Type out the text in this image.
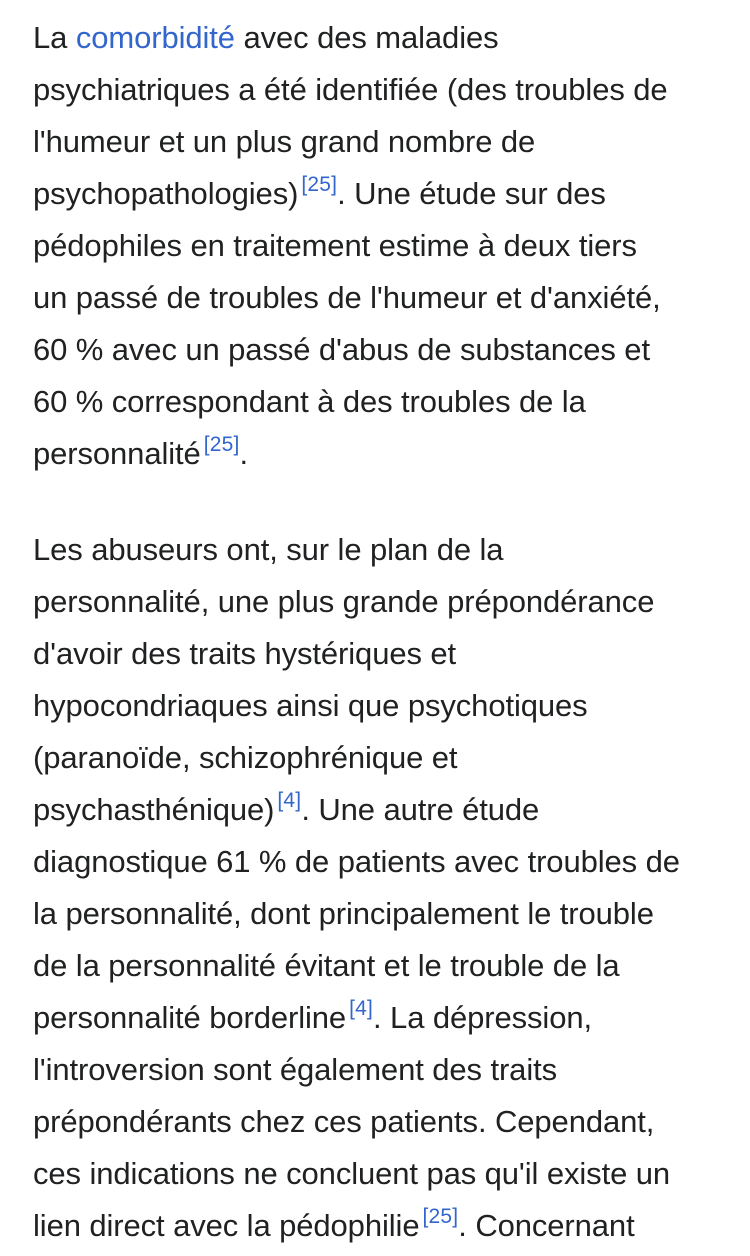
La comorbidité avec des maladies
psychiatriques a été identifiée (des troubles de
l'humeur et un plus grand nombre de
psychopathologies) [25]. Une étude sur des
pédophiles en traitement estime à deux tiers
un passé de troubles de l'humeur et d'anxiété,
60 % avec un passé d'abus de substances et
60 % correspondant à des troubles de la
personnalité [25].

Les abuseurs ont, sur le plan de la
personnalité, une plus grande prépondérance
d'avoir des traits hystériques et
hypocondriaques ainsi que psychotiques
(paranoïde, schizophrénique et
psychasthénique) [4]. Une autre étude
diagnostique 61 % de patients avec troubles de
la personnalité, dont principalement le trouble
de la personnalité évitant et le trouble de la
personnalité borderline [4]. La dépression,
l'introversion sont également des traits
prépondérants chez ces patients. Cependant,
ces indications ne concluent pas qu'il existe un
lien direct avec la pédophilie [25]. Concernant
